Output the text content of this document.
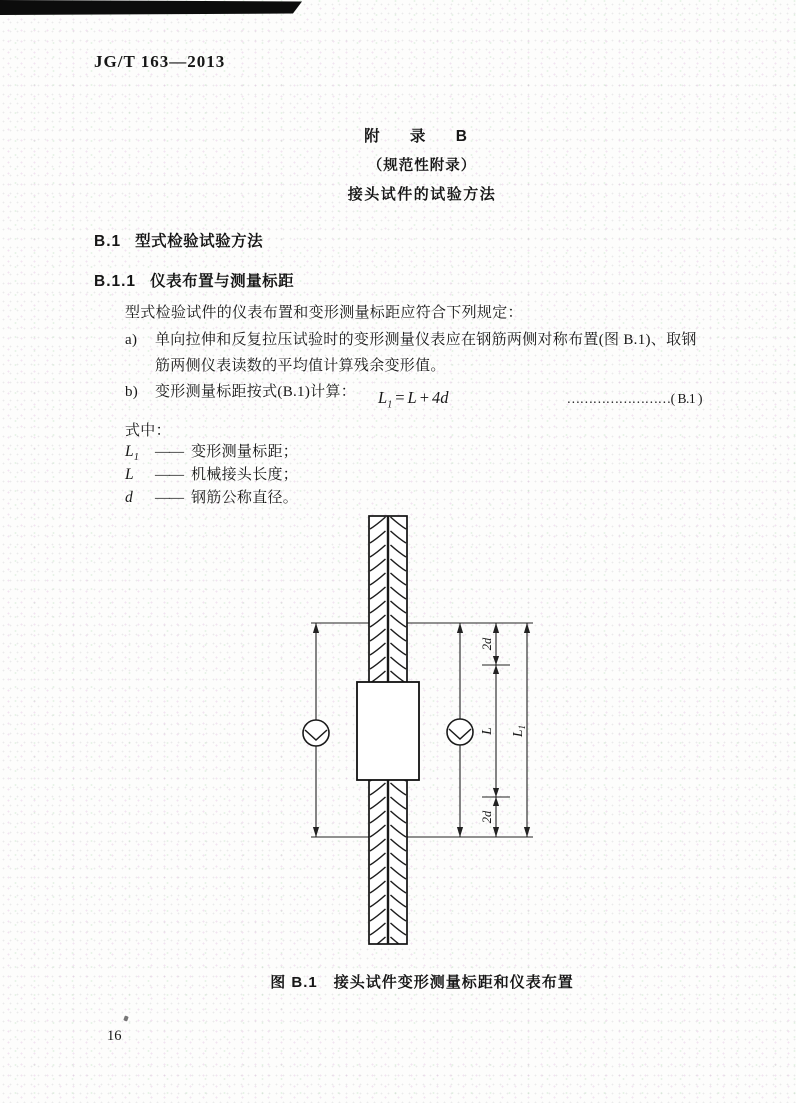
JG/T 163—2013
附 录 B
（规范性附录）
接头试件的试验方法
B.1 型式检验试验方法
B.1.1 仪表布置与测量标距
型式检验试件的仪表布置和变形测量标距应符合下列规定：
a)	单向拉伸和反复拉压试验时的变形测量仪表应在钢筋两侧对称布置(图 B.1)、取钢筋两侧仪表读数的平均值计算残余变形值。
b)	变形测量标距按式(B.1)计算：	$L_1 = L + 4d$	……………………( B.1 )
式中：
$L_1$ —— 变形测量标距；
L —— 机械接头长度；
d —— 钢筋公称直径。
2d
L
2d
$L_1$
图 B.1 接头试件变形测量标距和仪表布置
16
